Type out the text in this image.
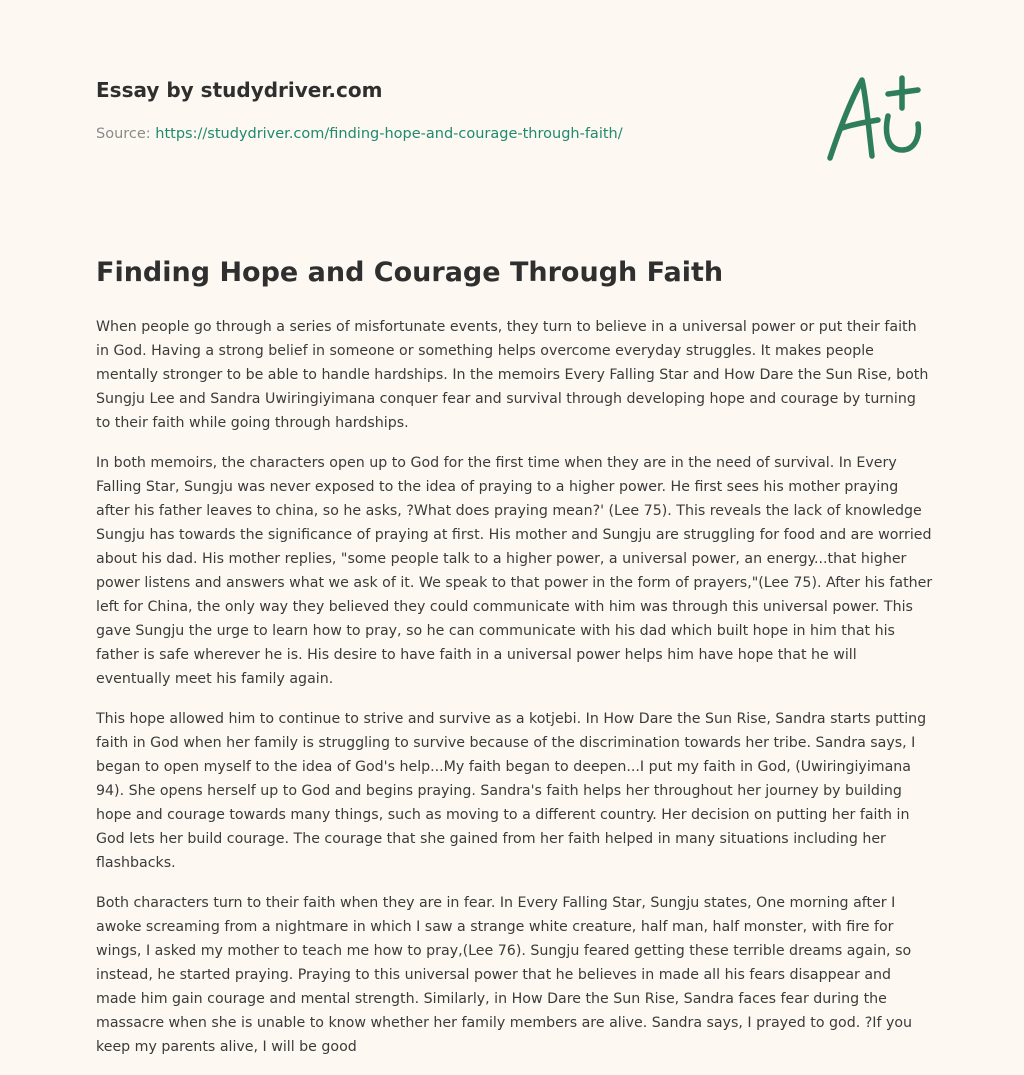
Essay by studydriver.com
Source: https://studydriver.com/finding-hope-and-courage-through-faith/
Finding Hope and Courage Through Faith

When people go through a series of misfortunate events, they turn to believe in a universal power or put their faith in God. Having a strong belief in someone or something helps overcome everyday struggles. It makes people mentally stronger to be able to handle hardships. In the memoirs Every Falling Star and How Dare the Sun Rise, both Sungju Lee and Sandra Uwiringiyimana conquer fear and survival through developing hope and courage by turning to their faith while going through hardships.

In both memoirs, the characters open up to God for the first time when they are in the need of survival. In Every Falling Star, Sungju was never exposed to the idea of praying to a higher power. He first sees his mother praying after his father leaves to china, so he asks, ?What does praying mean?' (Lee 75). This reveals the lack of knowledge Sungju has towards the significance of praying at first. His mother and Sungju are struggling for food and are worried about his dad. His mother replies, "some people talk to a higher power, a universal power, an energy...that higher power listens and answers what we ask of it. We speak to that power in the form of prayers,"(Lee 75). After his father left for China, the only way they believed they could communicate with him was through this universal power. This gave Sungju the urge to learn how to pray, so he can communicate with his dad which built hope in him that his father is safe wherever he is. His desire to have faith in a universal power helps him have hope that he will eventually meet his family again.

This hope allowed him to continue to strive and survive as a kotjebi. In How Dare the Sun Rise, Sandra starts putting faith in God when her family is struggling to survive because of the discrimination towards her tribe. Sandra says, I began to open myself to the idea of God's help...My faith began to deepen...I put my faith in God, (Uwiringiyimana 94). She opens herself up to God and begins praying. Sandra's faith helps her throughout her journey by building hope and courage towards many things, such as moving to a different country. Her decision on putting her faith in God lets her build courage. The courage that she gained from her faith helped in many situations including her flashbacks.

Both characters turn to their faith when they are in fear. In Every Falling Star, Sungju states, One morning after I awoke screaming from a nightmare in which I saw a strange white creature, half man, half monster, with fire for wings, I asked my mother to teach me how to pray,(Lee 76). Sungju feared getting these terrible dreams again, so instead, he started praying. Praying to this universal power that he believes in made all his fears disappear and made him gain courage and mental strength. Similarly, in How Dare the Sun Rise, Sandra faces fear during the massacre when she is unable to know whether her family members are alive. Sandra says, I prayed to god. ?If you keep my parents alive, I will be good
